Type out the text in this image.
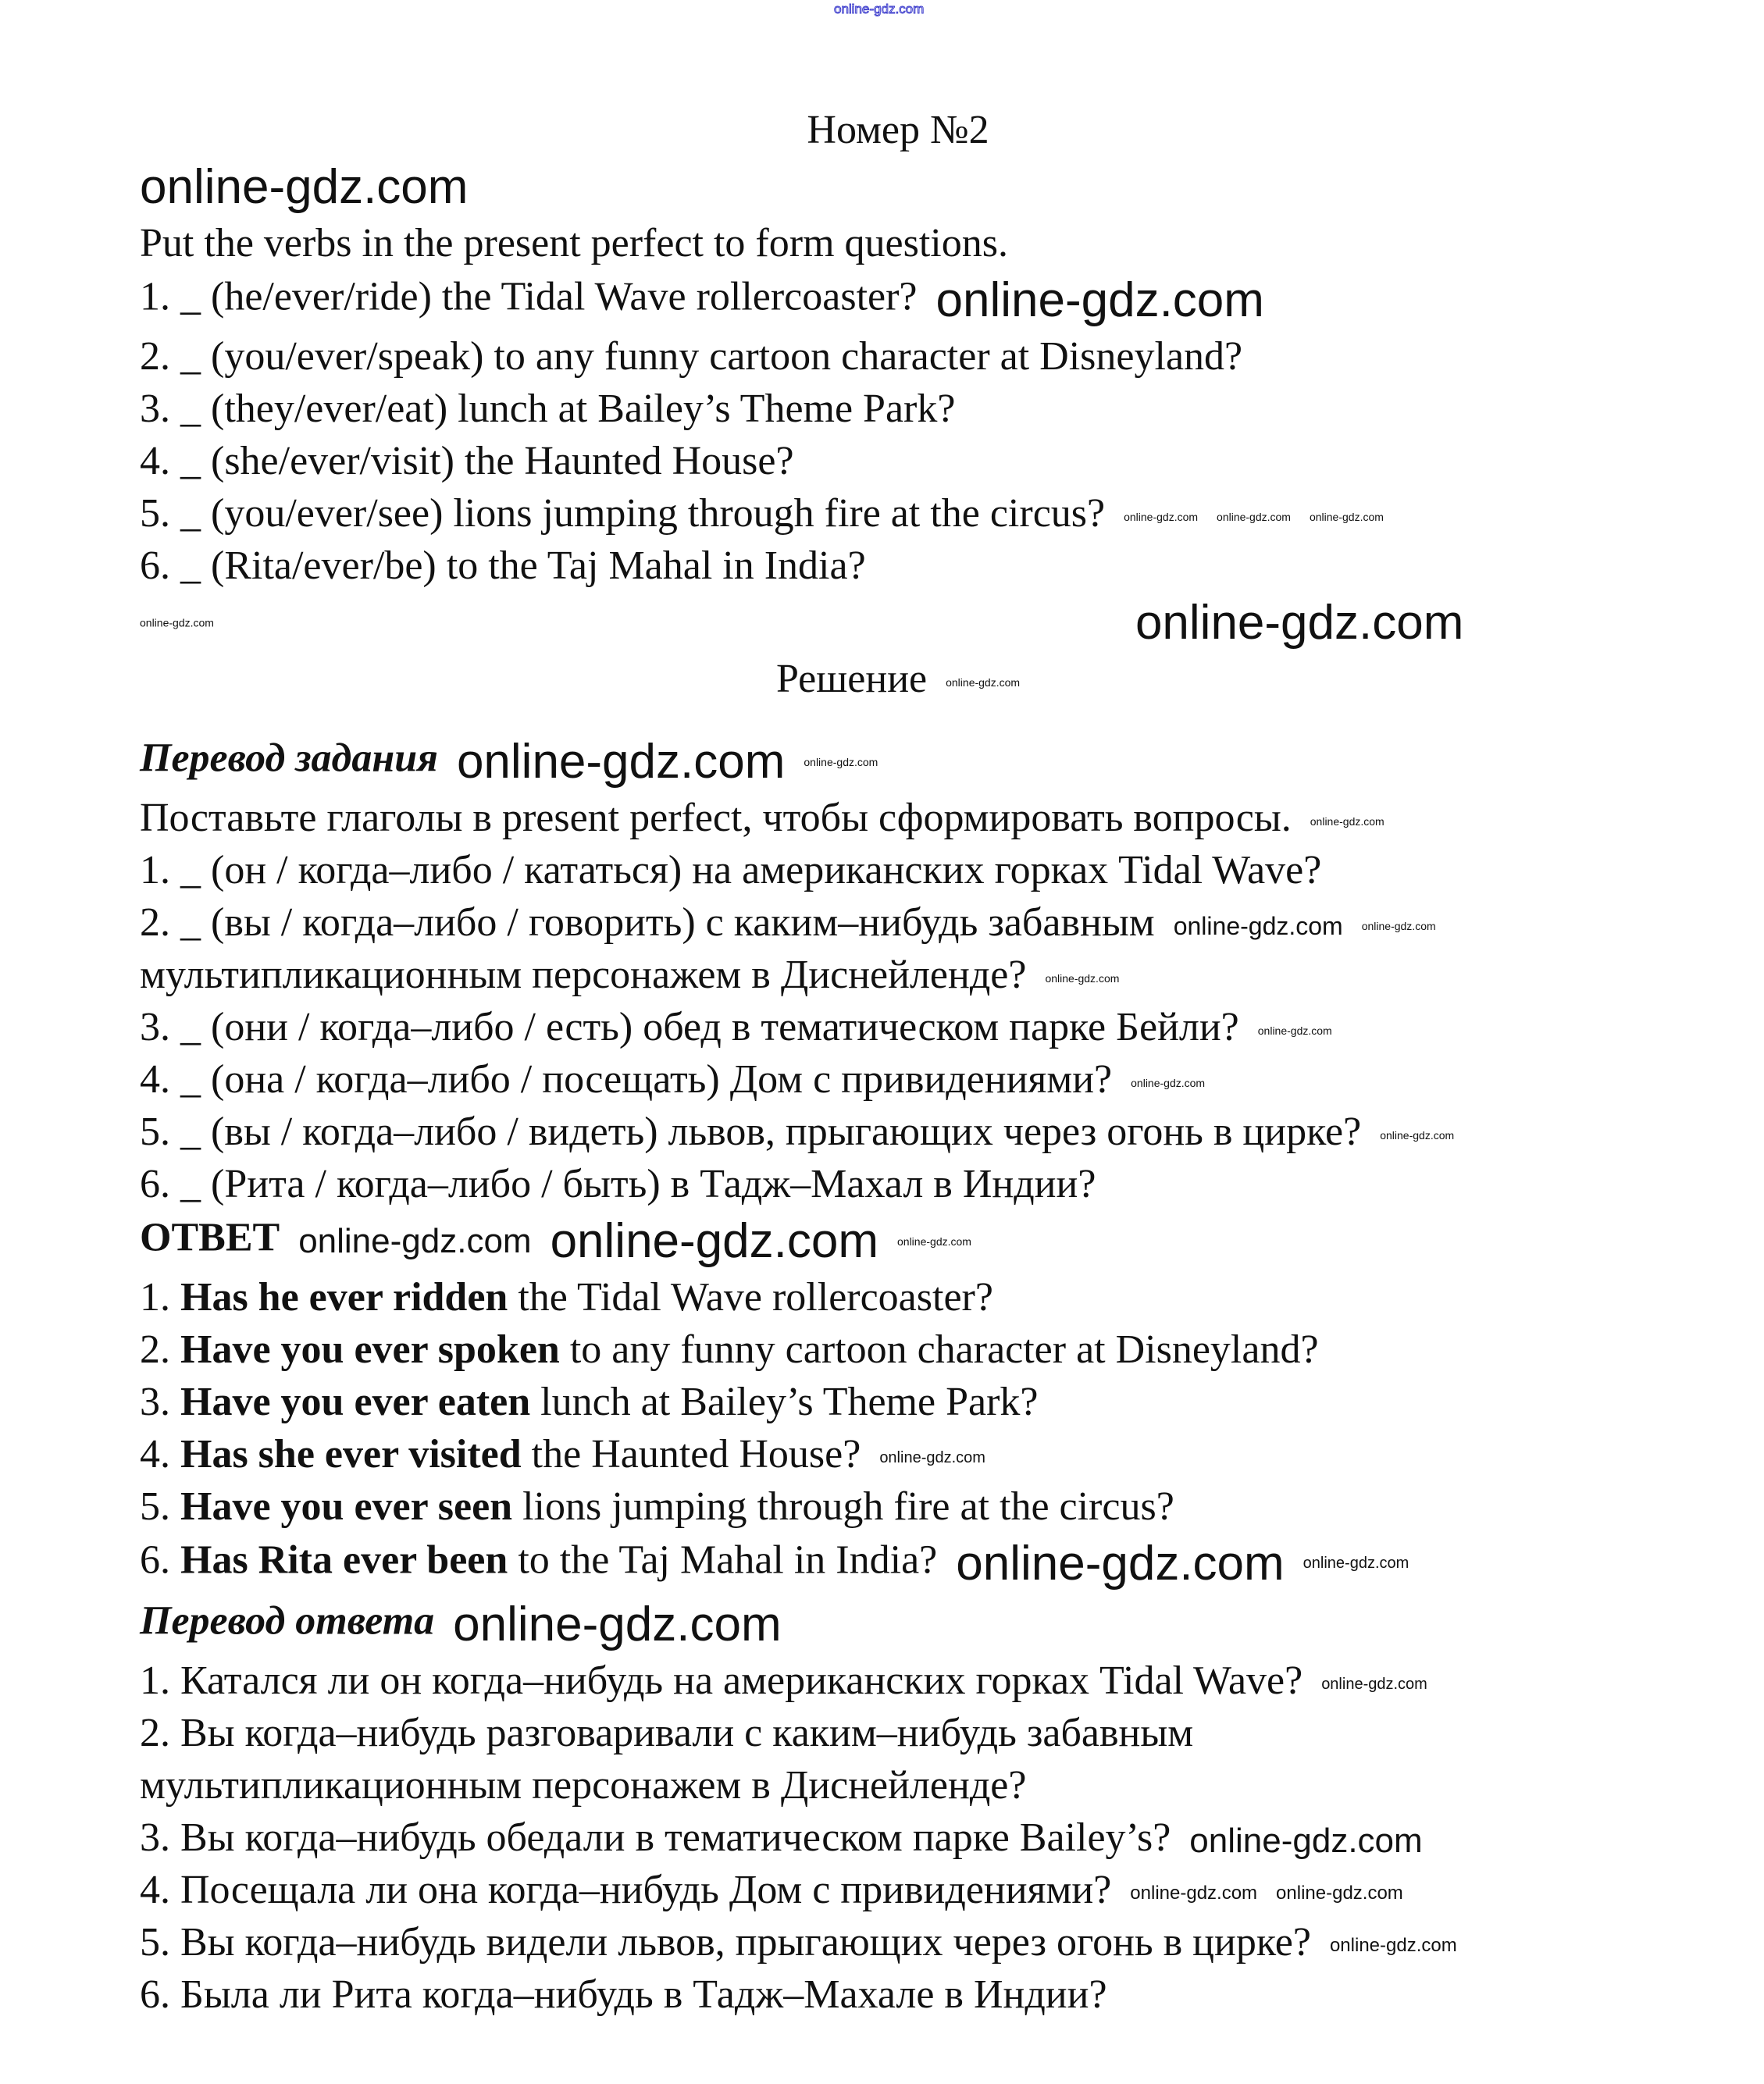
online-gdz.com
Номер №2
online-gdz.com
Put the verbs in the present perfect to form questions.
1. _ (he/ever/ride) the Tidal Wave rollercoaster? online-gdz.com
2. _ (you/ever/speak) to any funny cartoon character at Disneyland?
3. _ (they/ever/eat) lunch at Bailey’s Theme Park?
4. _ (she/ever/visit) the Haunted House?
5. _ (you/ever/see) lions jumping through fire at the circus? online-gdz.com online-gdz.com online-gdz.com
6. _ (Rita/ever/be) to the Taj Mahal in India?
online-gdz.com	online-gdz.com
Решение online-gdz.com
Перевод задания online-gdz.com online-gdz.com
Поставьте глаголы в present perfect, чтобы сформировать вопросы. online-gdz.com
1. _ (он / когда–либо / кататься) на американских горках Tidal Wave?
2. _ (вы / когда–либо / говорить) с каким–нибудь забавным online-gdz.com online-gdz.com
мультипликационным персонажем в Диснейленде? online-gdz.com
3. _ (они / когда–либо / есть) обед в тематическом парке Бейли? online-gdz.com
4. _ (она / когда–либо / посещать) Дом с привидениями? online-gdz.com
5. _ (вы / когда–либо / видеть) львов, прыгающих через огонь в цирке? online-gdz.com
6. _ (Рита / когда–либо / быть) в Тадж–Махал в Индии?
ОТВЕТ online-gdz.com online-gdz.com online-gdz.com
1. Has he ever ridden the Tidal Wave rollercoaster?
2. Have you ever spoken to any funny cartoon character at Disneyland?
3. Have you ever eaten lunch at Bailey’s Theme Park?
4. Has she ever visited the Haunted House? online-gdz.com
5. Have you ever seen lions jumping through fire at the circus?
6. Has Rita ever been to the Taj Mahal in India? online-gdz.com online-gdz.com
Перевод ответа online-gdz.com
1. Катался ли он когда–нибудь на американских горках Tidal Wave? online-gdz.com
2. Вы когда–нибудь разговаривали с каким–нибудь забавным
мультипликационным персонажем в Диснейленде?
3. Вы когда–нибудь обедали в тематическом парке Bailey’s? online-gdz.com
4. Посещала ли она когда–нибудь Дом с привидениями? online-gdz.com online-gdz.com
5. Вы когда–нибудь видели львов, прыгающих через огонь в цирке? online-gdz.com
6. Была ли Рита когда–нибудь в Тадж–Махале в Индии?
